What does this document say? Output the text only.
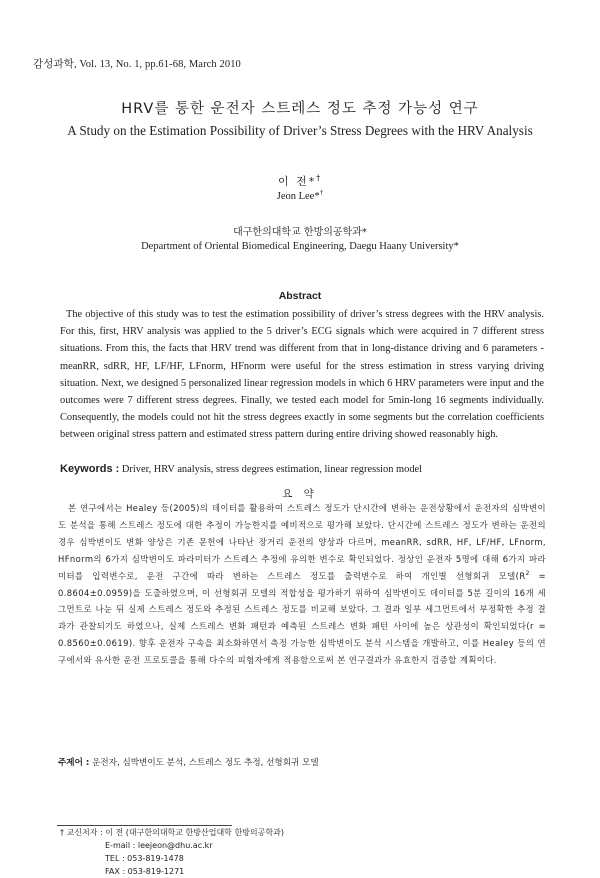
감성과학, Vol. 13, No. 1, pp.61-68, March 2010
HRV를 통한 운전자 스트레스 정도 추정 가능성 연구
A Study on the Estimation Possibility of Driver’s Stress Degrees with the HRV Analysis
이 전*†
Jeon Lee*†
대구한의대학교 한방의공학과*
Department of Oriental Biomedical Engineering, Daegu Haany University*
Abstract

The objective of this study was to test the estimation possibility of driver’s stress degrees with the HRV analysis. For this, first, HRV analysis was applied to the 5 driver’s ECG signals which were acquired in 7 different stress situations. From this, the facts that HRV trend was different from that in long-distance driving and 6 parameters - meanRR, sdRR, HF, LF/HF, LFnorm, HFnorm were useful for the stress estimation in stress varying driving situation. Next, we designed 5 personalized linear regression models in which 6 HRV parameters were input and the outcomes were 7 different stress degrees. Finally, we tested each model for 5min-long 16 segments individually. Consequently, the models could not hit the stress degrees exactly in some segments but the correlation coefficients between original stress pattern and estimated stress pattern during entire driving showed reasonably high.

Keywords : Driver, HRV analysis, stress degrees estimation, linear regression model
요 약

본 연구에서는 Healey 등(2005)의 데이터를 활용하여 스트레스 정도가 단시간에 변하는 운전상황에서 운전자의 심박변이도 분석을 통해 스트레스 정도에 대한 추정이 가능한지를 예비적으로 평가해 보았다. 단시간에 스트레스 정도가 변하는 운전의 경우 심박변이도 변화 양상은 기존 문헌에 나타난 장거리 운전의 양상과 다르며, meanRR, sdRR, HF, LF/HF, LFnorm, HFnorm의 6가지 심박변이도 파라미터가 스트레스 추정에 유의한 변수로 확인되었다. 정상인 운전자 5명에 대해 6가지 파라미터를 입력변수로, 운전 구간에 따라 변하는 스트레스 정도를 출력변수로 하여 개인별 선형회귀 모델$(R^2 = 0.8604\pm 0.0959)$을 도출하였으며, 이 선형회귀 모델의 적합성을 평가하기 위하여 심박변이도 데이터를 5분 길이의 16개 세그먼트로 나눈 뒤 실제 스트레스 정도와 추정된 스트레스 정도를 비교해 보았다. 그 결과 일부 세그먼트에서 부정확한 추정 결과가 관찰되기도 하였으나, 실제 스트레스 변화 패턴과 예측된 스트레스 변화 패턴 사이에 높은 상관성이 확인되었다(r = 0.8560±0.0619). 향후 운전자 구속을 최소화하면서 측정 가능한 심박변이도 분석 시스템을 개발하고, 이를 Healey 등의 연구에서와 유사한 운전 프로토콜을 통해 다수의 피험자에게 적용함으로써 본 연구결과가 유효한지 검증할 계획이다.

주제어 : 운전자, 심박변이도 분석, 스트레스 정도 추정, 선형회귀 모델
† 교신저자 : 이 전 (대구한의대학교 한방산업대학 한방의공학과)
E-mail : leejeon@dhu.ac.kr
TEL : 053-819-1478
FAX : 053-819-1271
